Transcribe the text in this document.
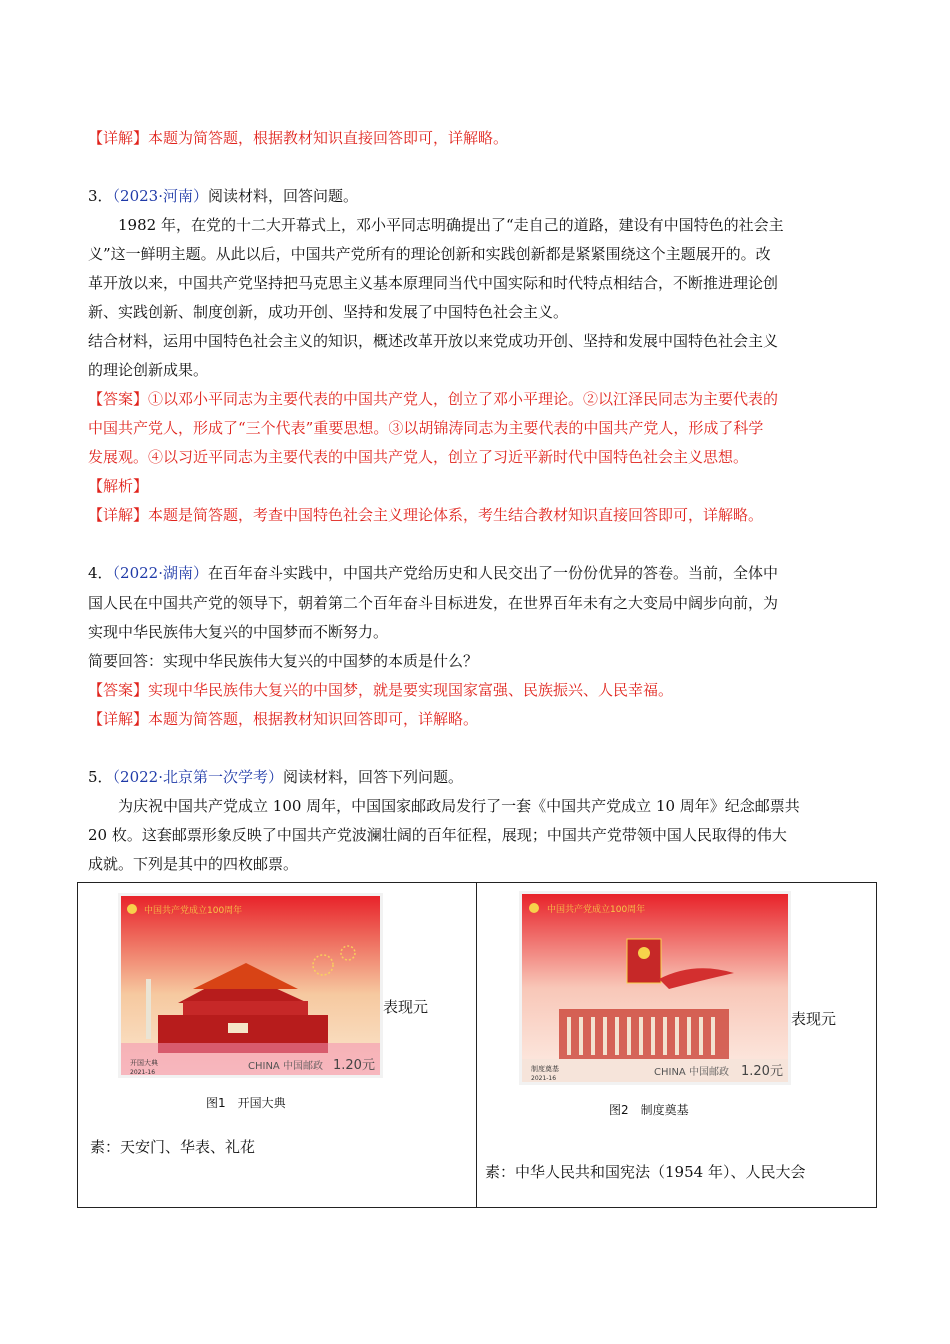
【详解】本题为简答题，根据教材知识直接回答即可，详解略。
3．（2023·河南）阅读材料，回答问题。
1982 年，在党的十二大开幕式上，邓小平同志明确提出了“走自己的道路，建设有中国特色的社会主
义”这一鲜明主题。从此以后，中国共产党所有的理论创新和实践创新都是紧紧围绕这个主题展开的。改
革开放以来，中国共产党坚持把马克思主义基本原理同当代中国实际和时代特点相结合，不断推进理论创
新、实践创新、制度创新，成功开创、坚持和发展了中国特色社会主义。
结合材料，运用中国特色社会主义的知识，概述改革开放以来党成功开创、坚持和发展中国特色社会主义
的理论创新成果。
【答案】①以邓小平同志为主要代表的中国共产党人，创立了邓小平理论。②以江泽民同志为主要代表的
中国共产党人，形成了“三个代表”重要思想。③以胡锦涛同志为主要代表的中国共产党人，形成了科学
发展观。④以习近平同志为主要代表的中国共产党人，创立了习近平新时代中国特色社会主义思想。
【解析】
【详解】本题是简答题，考查中国特色社会主义理论体系，考生结合教材知识直接回答即可，详解略。
4．（2022·湖南）在百年奋斗实践中，中国共产党给历史和人民交出了一份份优异的答卷。当前，全体中
国人民在中国共产党的领导下，朝着第二个百年奋斗目标进发，在世界百年未有之大变局中阔步向前，为
实现中华民族伟大复兴的中国梦而不断努力。
简要回答：实现中华民族伟大复兴的中国梦的本质是什么？
【答案】实现中华民族伟大复兴的中国梦，就是要实现国家富强、民族振兴、人民幸福。
【详解】本题为简答题，根据教材知识回答即可，详解略。
5．（2022·北京第一次学考）阅读材料，回答下列问题。
为庆祝中国共产党成立 100 周年，中国国家邮政局发行了一套《中国共产党成立 10 周年》纪念邮票共
20 枚。这套邮票形象反映了中国共产党波澜壮阔的百年征程，展现；中国共产党带领中国人民取得的伟大
成就。下列是其中的四枚邮票。
中国共产党成立100周年
开国大典
2021-16
CHINA 中国邮政 1.20元
表现元
图1　开国大典
素：天安门、华表、礼花

中国共产党成立100周年
制度奠基
2021-16
CHINA 中国邮政 1.20元
表现元
图2　制度奠基
素：中华人民共和国宪法（1954 年）、人民大会
